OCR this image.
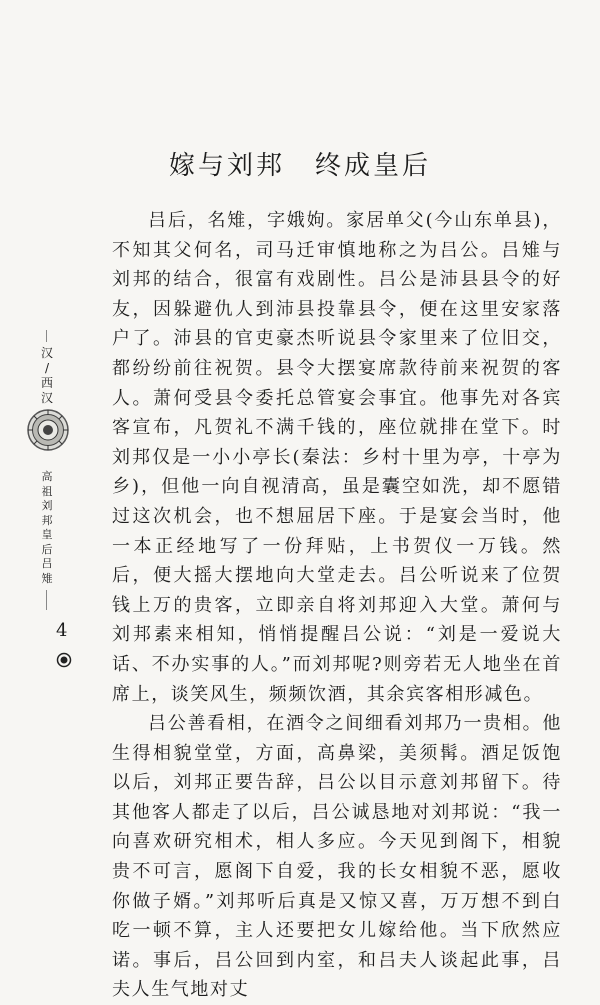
嫁与刘邦 终成皇后

吕后，名雉，字娥姁。家居单父(今山东单县)，不知其父何名，司马迁审慎地称之为吕公。吕雉与刘邦的结合，很富有戏剧性。吕公是沛县县令的好友，因躲避仇人到沛县投靠县令，便在这里安家落户了。沛县的官吏豪杰听说县令家里来了位旧交，都纷纷前往祝贺。县令大摆宴席款待前来祝贺的客人。萧何受县令委托总管宴会事宜。他事先对各宾客宣布，凡贺礼不满千钱的，座位就排在堂下。时刘邦仅是一小小亭长(秦法：乡村十里为亭，十亭为乡)，但他一向自视清高，虽是囊空如洗，却不愿错过这次机会，也不想屈居下座。于是宴会当时，他一本正经地写了一份拜贴，上书贺仪一万钱。然后，便大摇大摆地向大堂走去。吕公听说来了位贺钱上万的贵客，立即亲自将刘邦迎入大堂。萧何与刘邦素来相知，悄悄提醒吕公说：“刘是一爱说大话、不办实事的人。”而刘邦呢?则旁若无人地坐在首席上，谈笑风生，频频饮酒，其余宾客相形减色。

吕公善看相，在酒令之间细看刘邦乃一贵相。他生得相貌堂堂，方面，高鼻梁，美须髯。酒足饭饱以后，刘邦正要告辞，吕公以目示意刘邦留下。待其他客人都走了以后，吕公诚恳地对刘邦说：“我一向喜欢研究相术，相人多应。今天见到阁下，相貌贵不可言，愿阁下自爱，我的长女相貌不恶，愿收你做子婿。”刘邦听后真是又惊又喜，万万想不到白吃一顿不算，主人还要把女儿嫁给他。当下欣然应诺。事后，吕公回到内室，和吕夫人谈起此事，吕夫人生气地对丈

汉
/
西
汉
高
祖
刘
邦
皇
后
吕
雉
4
